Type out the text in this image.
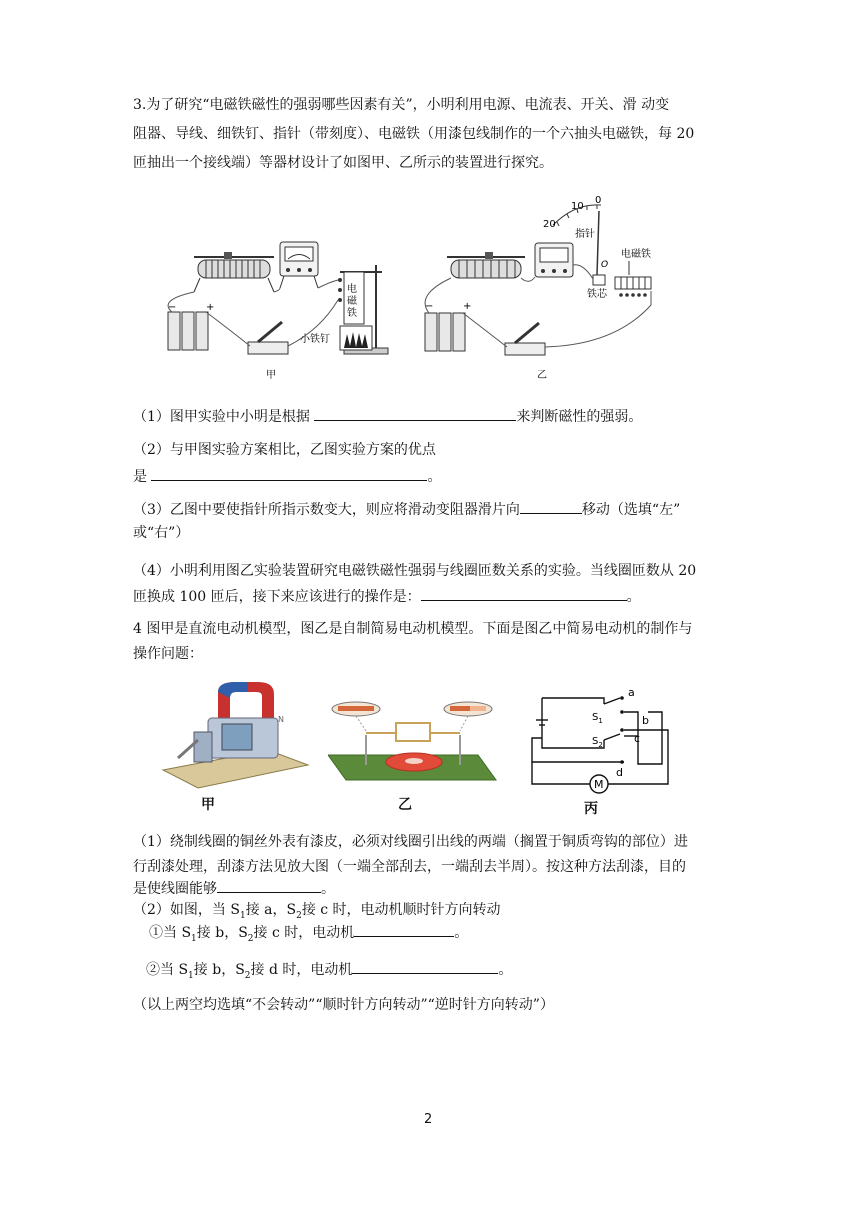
3.为了研究“电磁铁磁性的强弱哪些因素有关”，小明利用电源、电流表、开关、滑 动变
阻器、导线、细铁钉、指针（带刻度）、电磁铁（用漆包线制作的一个六抽头电磁铁，每 20
匝抽出一个接线端）等器材设计了如图甲、乙所示的装置进行探究。
电
磁
铁
小铁钉
−	+
甲
20
10
0
指针
O
铁芯
电磁铁
−	+
乙
（1）图甲实验中小明是根据	来判断磁性的强弱。
（2）与甲图实验方案相比，乙图实验方案的优点
是	。
（3）乙图中要使指针所指示数变大，则应将滑动变阻器滑片向	移动（选填“左”
或“右”）
（4）小明利用图乙实验装置研究电磁铁磁性强弱与线圈匝数关系的实验。当线圈匝数从 20
匝换成 100 匝后，接下来应该进行的操作是：	。
4 图甲是直流电动机模型，图乙是自制简易电动机模型。下面是图乙中简易电动机的制作与
操作问题：
N
甲	乙
a
b
c
d
$S_1$
$S_2$
M
丙
（1）绕制线圈的铜丝外表有漆皮，必须对线圈引出线的两端（搁置于铜质弯钩的部位）进
行刮漆处理，刮漆方法见放大图（一端全部刮去，一端刮去半周）。按这种方法刮漆，目的
是使线圈能够	。
（2）如图，当 $S_1$接 a，$S_2$接 c 时，电动机顺时针方向转动
①当 $S_1$接 b，$S_2$接 c 时，电动机	。
②当 $S_1$接 b，$S_2$接 d 时，电动机	。
（以上两空均选填“不会转动”“顺时针方向转动”“逆时针方向转动”）
2
